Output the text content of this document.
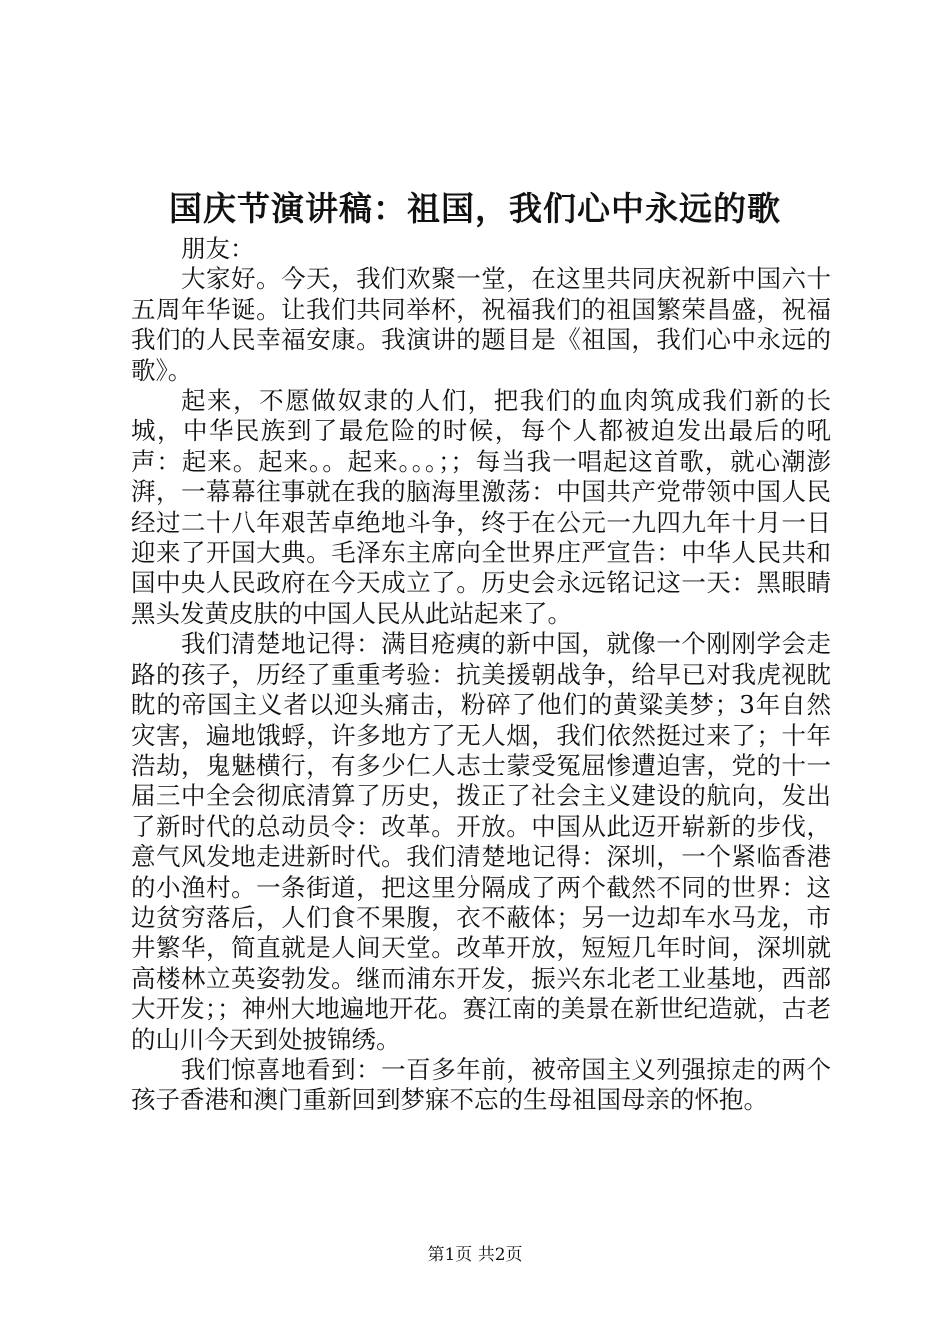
国庆节演讲稿：祖国，我们心中永远的歌

朋友：

大家好。今天，我们欢聚一堂，在这里共同庆祝新中国六十五周年华诞。让我们共同举杯，祝福我们的祖国繁荣昌盛，祝福我们的人民幸福安康。我演讲的题目是《祖国，我们心中永远的歌》。

起来，不愿做奴隶的人们，把我们的血肉筑成我们新的长城，中华民族到了最危险的时候，每个人都被迫发出最后的吼声：起来。起来。。起来。。。；；每当我一唱起这首歌，就心潮澎湃，一幕幕往事就在我的脑海里激荡：中国共产党带领中国人民经过二十八年艰苦卓绝地斗争，终于在公元一九四九年十月一日迎来了开国大典。毛泽东主席向全世界庄严宣告：中华人民共和国中央人民政府在今天成立了。历史会永远铭记这一天：黑眼睛黑头发黄皮肤的中国人民从此站起来了。

我们清楚地记得：满目疮痍的新中国，就像一个刚刚学会走路的孩子，历经了重重考验：抗美援朝战争，给早已对我虎视眈眈的帝国主义者以迎头痛击，粉碎了他们的黄粱美梦；3年自然灾害，遍地饿蜉，许多地方了无人烟，我们依然挺过来了；十年浩劫，鬼魅横行，有多少仁人志士蒙受冤屈惨遭迫害，党的十一届三中全会彻底清算了历史，拨正了社会主义建设的航向，发出了新时代的总动员令：改革。开放。中国从此迈开崭新的步伐，意气风发地走进新时代。我们清楚地记得：深圳，一个紧临香港的小渔村。一条街道，把这里分隔成了两个截然不同的世界：这边贫穷落后，人们食不果腹，衣不蔽体；另一边却车水马龙，市井繁华，简直就是人间天堂。改革开放，短短几年时间，深圳就高楼林立英姿勃发。继而浦东开发，振兴东北老工业基地，西部大开发；；神州大地遍地开花。赛江南的美景在新世纪造就，古老的山川今天到处披锦绣。

我们惊喜地看到：一百多年前，被帝国主义列强掠走的两个孩子香港和澳门重新回到梦寐不忘的生母祖国母亲的怀抱。

第1页 共2页
